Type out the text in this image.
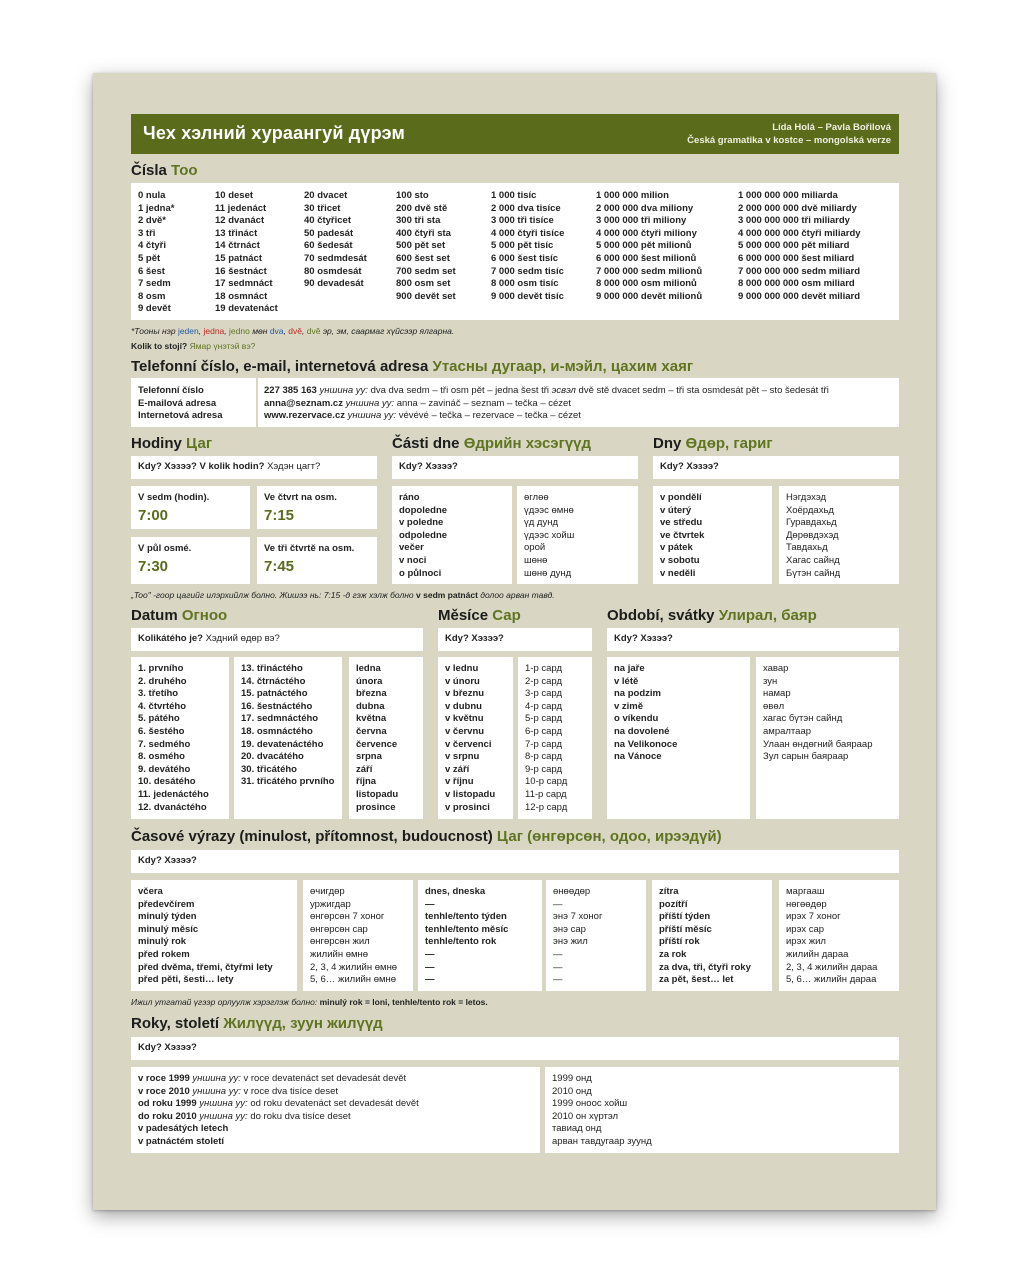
Чех хэлний хураангуй дүрэм	Lída Holá – Pavla Bořilová
Česká gramatika v kostce – mongolská verze
Čísla Тоо
0 nula
1 jedna*
2 dvě*
3 tři
4 čtyři
5 pět
6 šest
7 sedm
8 osm
9 devět
10 deset
11 jedenáct
12 dvanáct
13 třináct
14 čtrnáct
15 patnáct
16 šestnáct
17 sedmnáct
18 osmnáct
19 devatenáct
20 dvacet
30 třicet
40 čtyřicet
50 padesát
60 šedesát
70 sedmdesát
80 osmdesát
90 devadesát
100 sto
200 dvě stě
300 tři sta
400 čtyři sta
500 pět set
600 šest set
700 sedm set
800 osm set
900 devět set
1 000 tisíc
2 000 dva tisíce
3 000 tři tisíce
4 000 čtyři tisíce
5 000 pět tisíc
6 000 šest tisíc
7 000 sedm tisíc
8 000 osm tisíc
9 000 devět tisíc
1 000 000 milion
2 000 000 dva miliony
3 000 000 tři miliony
4 000 000 čtyři miliony
5 000 000 pět milionů
6 000 000 šest milionů
7 000 000 sedm milionů
8 000 000 osm milionů
9 000 000 devět milionů
1 000 000 000 miliarda
2 000 000 000 dvě miliardy
3 000 000 000 tři miliardy
4 000 000 000 čtyři miliardy
5 000 000 000 pět miliard
6 000 000 000 šest miliard
7 000 000 000 sedm miliard
8 000 000 000 osm miliard
9 000 000 000 devět miliard
*Тооны нэр jeden, jedna, jedno мөн dva, dvě, dvě эр, эм, саармаг хүйсээр ялгарна.
Kolik to stojí? Ямар үнэтэй вэ?
Telefonní číslo, e-mail, internetová adresa Утасны дугаар, и-мэйл, цахим хаяг
Telefonní číslo
E-mailová adresa
Internetová adresa
227 385 163 уншина уу: dva dva sedm – tři osm pět – jedna šest tři эсвэл dvě stě dvacet sedm – tři sta osmdesát pět – sto šedesát tři
anna@seznam.cz уншина уу: anna – zavináč – seznam – tečka – cézet
www.rezervace.cz уншина уу: vévévé – tečka – rezervace – tečka – cézet
Hodiny Цаг
Kdy? Хэзээ? V kolik hodin? Хэдэн цагт?
V sedm (hodin).
7:00
Ve čtvrt na osm.
7:15
V půl osmé.
7:30
Ve tři čtvrtě na osm.
7:45
Části dne Өдрийн хэсэгүүд
Kdy? Хэзээ?
ráno
dopoledne
v poledne
odpoledne
večer
v noci
o půlnoci
өглөө
үдээс өмнө
үд дунд
үдээс хойш
орой
шөнө
шөнө дунд
Dny Өдөр, гариг
Kdy? Хэзээ?
v pondělí
v úterý
ve středu
ve čtvrtek
v pátek
v sobotu
v neděli
Нэгдэхэд
Хоёрдахьд
Гуравдахьд
Дөрөвдэхэд
Тавдахьд
Хагас сайнд
Бүтэн сайнд
„Too" -гоор цагийг илэрхийлж болно. Жишээ нь: 7:15 -д гэж хэлж болно v sedm patnáct долоо арван тавд.
Datum Огноо
Kolikátého je? Хэдний өдөр вэ?
1. prvního
2. druhého
3. třetího
4. čtvrtého
5. pátého
6. šestého
7. sedmého
8. osmého
9. devátého
10. desátého
11. jedenáctého
12. dvanáctého
13. třináctého
14. čtrnáctého
15. patnáctého
16. šestnáctého
17. sedmnáctého
18. osmnáctého
19. devatenáctého
20. dvacátého
30. třicátého
31. třicátého prvního
ledna
února
března
dubna
května
června
července
srpna
září
října
listopadu
prosince
Měsíce Сар
Kdy? Хэзээ?
v lednu
v únoru
v březnu
v dubnu
v květnu
v červnu
v červenci
v srpnu
v září
v říjnu
v listopadu
v prosinci
1-р сард
2-р сард
3-р сард
4-р сард
5-р сард
6-р сард
7-р сард
8-р сард
9-р сард
10-р сард
11-р сард
12-р сард
Období, svátky Улирал, баяр
Kdy? Хэзээ?
na jaře
v létě
na podzim
v zimě
o víkendu
na dovolené
na Velikonoce
na Vánoce
хавар
зун
намар
өвөл
хагас бүтэн сайнд
амралтаар
Улаан өндөгний баяраар
Зул сарын баяраар
Časové výrazy (minulost, přítomnost, budoucnost) Цаг (өнгөрсөн, одоо, ирээдүй)
Kdy? Хэзээ?
včera
předevčírem
minulý týden
minulý měsíc
minulý rok
před rokem
před dvěma, třemi, čtyřmi lety
před pěti, šesti… lety
өчигдөр
уржигдар
өнгөрсөн 7 хоног
өнгөрсөн сар
өнгөрсөн жил
жилийн өмнө
2, 3, 4 жилийн өмнө
5, 6… жилийн өмнө
dnes, dneska
—
tenhle/tento týden
tenhle/tento měsíc
tenhle/tento rok
—
—
—
өнөөдөр
—
энэ 7 хоног
энэ сар
энэ жил
—
—
—
zítra
pozítří
příští týden
příští měsíc
příští rok
za rok
za dva, tři, čtyři roky
za pět, šest… let
маргааш
нөгөөдөр
ирэх 7 хоног
ирэх сар
ирэх жил
жилийн дараа
2, 3, 4 жилийн дараа
5, 6… жилийн дараа
Ижил утгатай үгээр орлуулж хэрэглэж болно: minulý rok = loni, tenhle/tento rok = letos.
Roky, století Жилүүд, зуун жилүүд
Kdy? Хэзээ?
v roce 1999 уншина уу: v roce devatenáct set devadesát devět
v roce 2010 уншина уу: v roce dva tisíce deset
od roku 1999 уншина уу: od roku devatenáct set devadesát devět
do roku 2010 уншина уу: do roku dva tisíce deset
v padesátých letech
v patnáctém století
1999 онд
2010 онд
1999 оноос хойш
2010 он хүртэл
тавиад онд
арван тавдугаар зуунд
